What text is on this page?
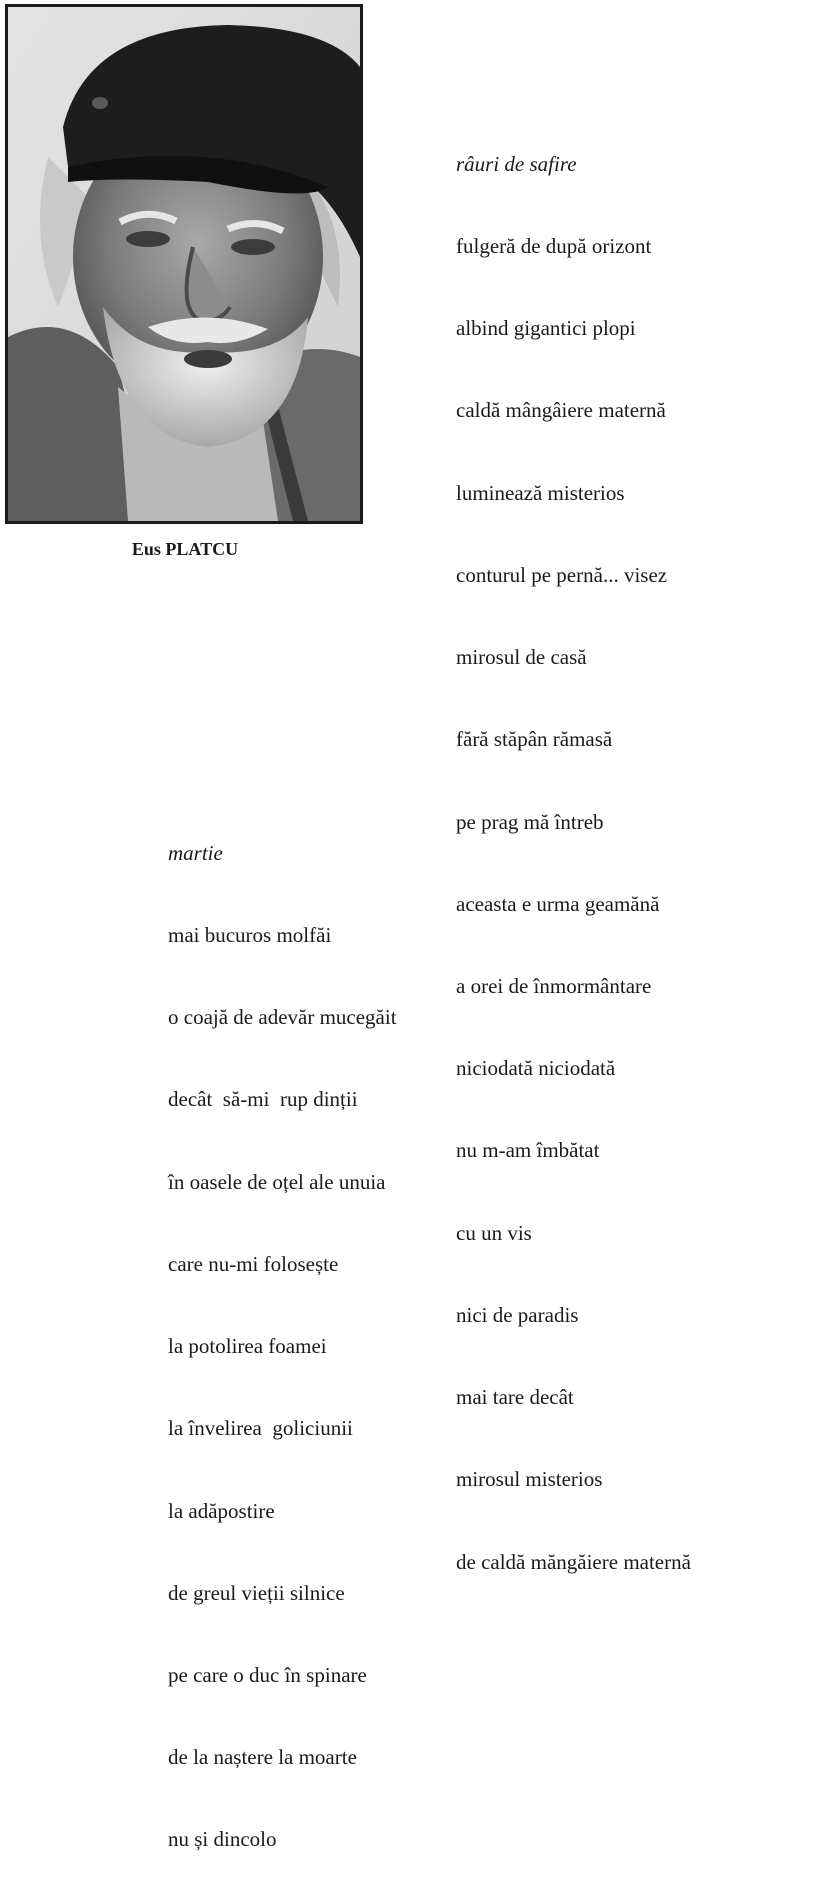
Eus PLATCU

râuri de safire

fulgeră de după orizont

albind gigantici plopi

caldă mângâiere maternă

luminează misterios

conturul pe pernă... visez

mirosul de casă

fără stăpân rămasă

pe prag mă întreb

aceasta e urma geamănă

a orei de înmormântare

niciodată niciodată

nu m-am îmbătat

cu un vis

nici de paradis

mai tare decât

mirosul misterios

de caldă măngăiere maternă

martie

mai bucuros molfăi

o coajă de adevăr mucegăit

decât  să-mi  rup dinții

în oasele de oțel ale unuia

care nu-mi folosește

la potolirea foamei

la învelirea  goliciunii

la adăpostire

de greul vieții silnice

pe care o duc în spinare

de la naștere la moarte

nu și dincolo
